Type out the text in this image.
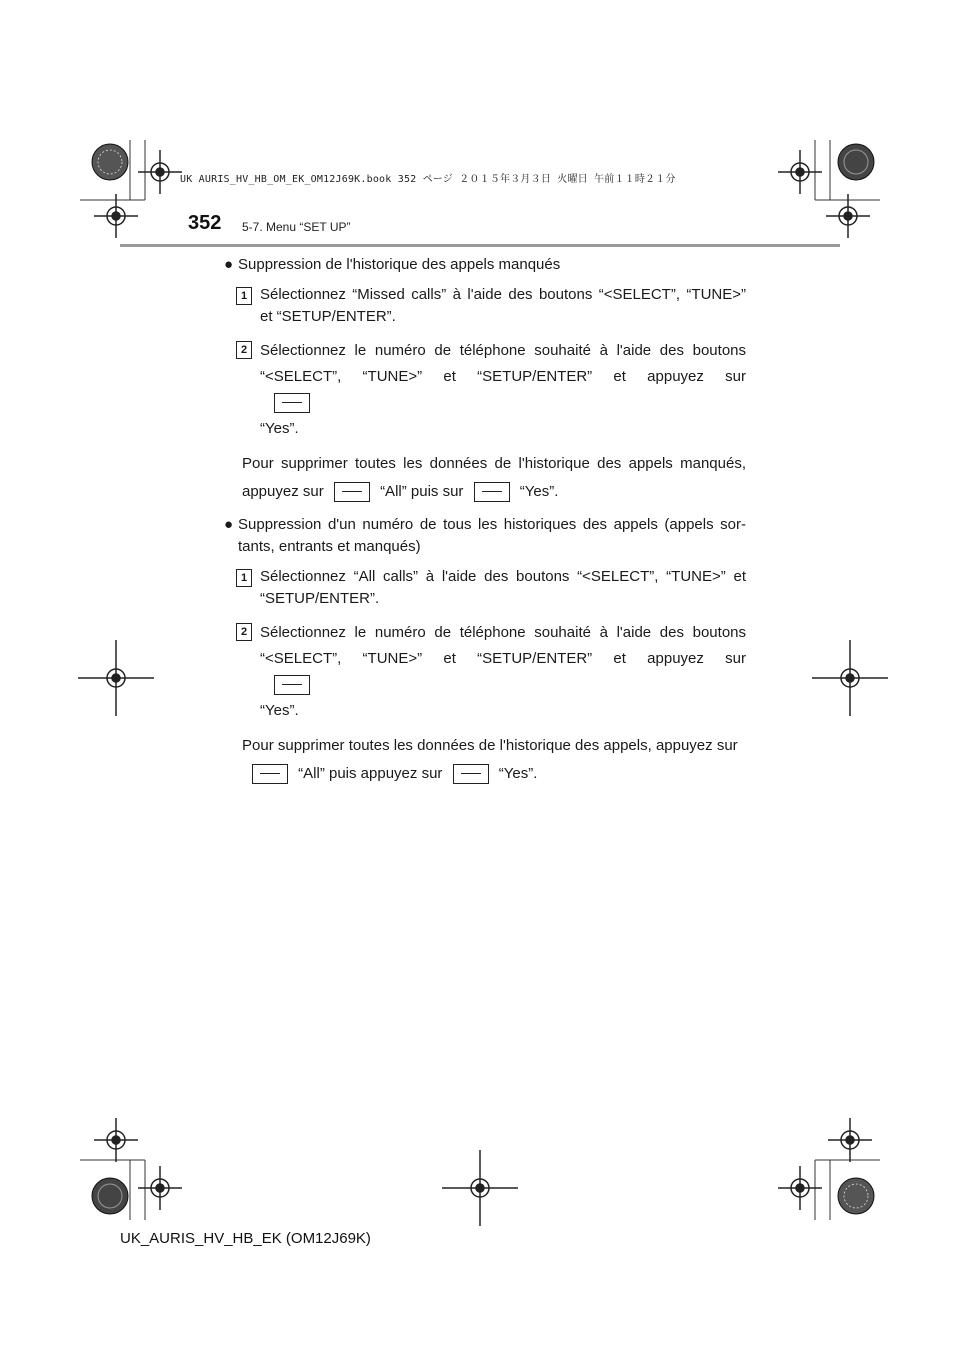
UK AURIS_HV_HB_OM_EK_OM12J69K.book 352 ページ ２０１５年３月３日 火曜日 午前１１時２１分
352 5-7. Menu “SET UP”
● Suppression de l'historique des appels manqués
1 Sélectionnez “Missed calls” à l'aide des boutons “<SELECT”, “TUNE>”
et “SETUP/ENTER”.
2 Sélectionnez le numéro de téléphone souhaité à l'aide des boutons
“<SELECT”, “TUNE>” et “SETUP/ENTER” et appuyez sur
“Yes”.
Pour supprimer toutes les données de l'historique des appels manqués,
appuyez sur	“All” puis sur	“Yes”.
● Suppression d'un numéro de tous les historiques des appels (appels sor-
tants, entrants et manqués)
1 Sélectionnez “All calls” à l'aide des boutons “<SELECT”, “TUNE>” et
“SETUP/ENTER”.
2 Sélectionnez le numéro de téléphone souhaité à l'aide des boutons
“<SELECT”, “TUNE>” et “SETUP/ENTER” et appuyez sur
“Yes”.
Pour supprimer toutes les données de l'historique des appels, appuyez sur
“All” puis appuyez sur	“Yes”.
UK_AURIS_HV_HB_EK (OM12J69K)
